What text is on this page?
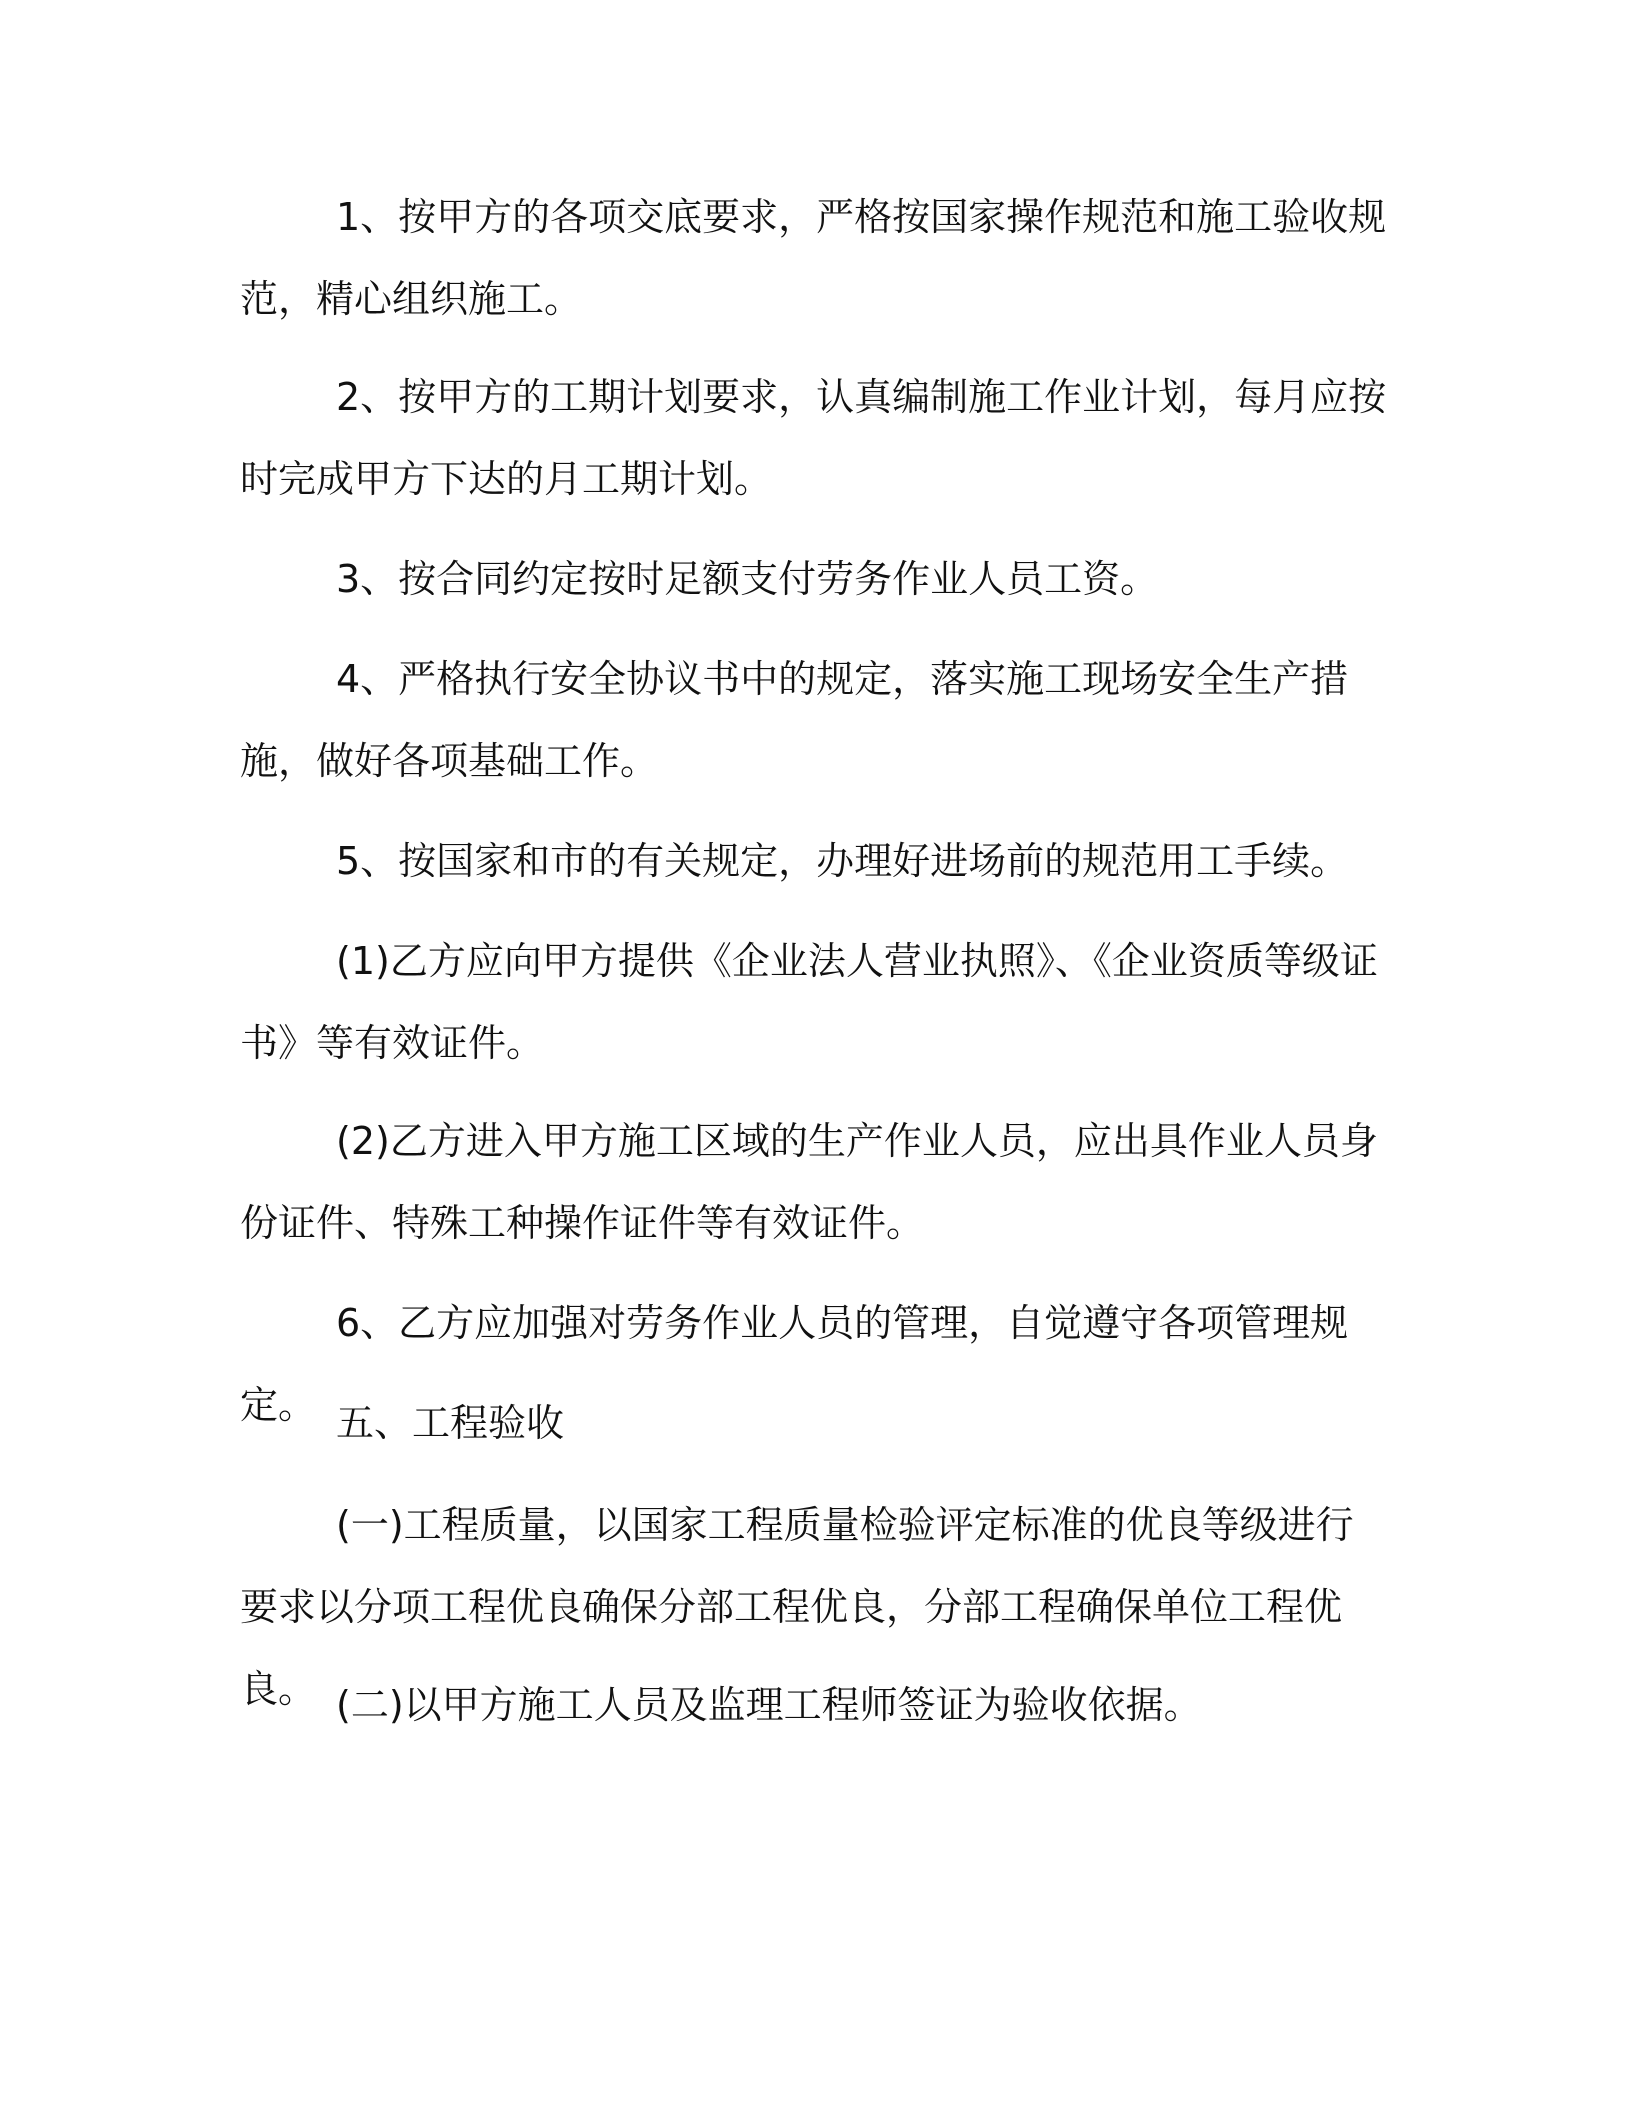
1、按甲方的各项交底要求，严格按国家操作规范和施工验收规范，精心组织施工。

2、按甲方的工期计划要求，认真编制施工作业计划，每月应按时完成甲方下达的月工期计划。

3、按合同约定按时足额支付劳务作业人员工资。

4、严格执行安全协议书中的规定，落实施工现场安全生产措施，做好各项基础工作。

5、按国家和市的有关规定，办理好进场前的规范用工手续。

(1)乙方应向甲方提供《企业法人营业执照》、《企业资质等级证书》等有效证件。

(2)乙方进入甲方施工区域的生产作业人员，应出具作业人员身份证件、特殊工种操作证件等有效证件。

6、乙方应加强对劳务作业人员的管理，自觉遵守各项管理规定。 五、工程验收

(一)工程质量，以国家工程质量检验评定标准的优良等级进行要求以分项工程优良确保分部工程优良，分部工程确保单位工程优良。 (二)以甲方施工人员及监理工程师签证为验收依据。
